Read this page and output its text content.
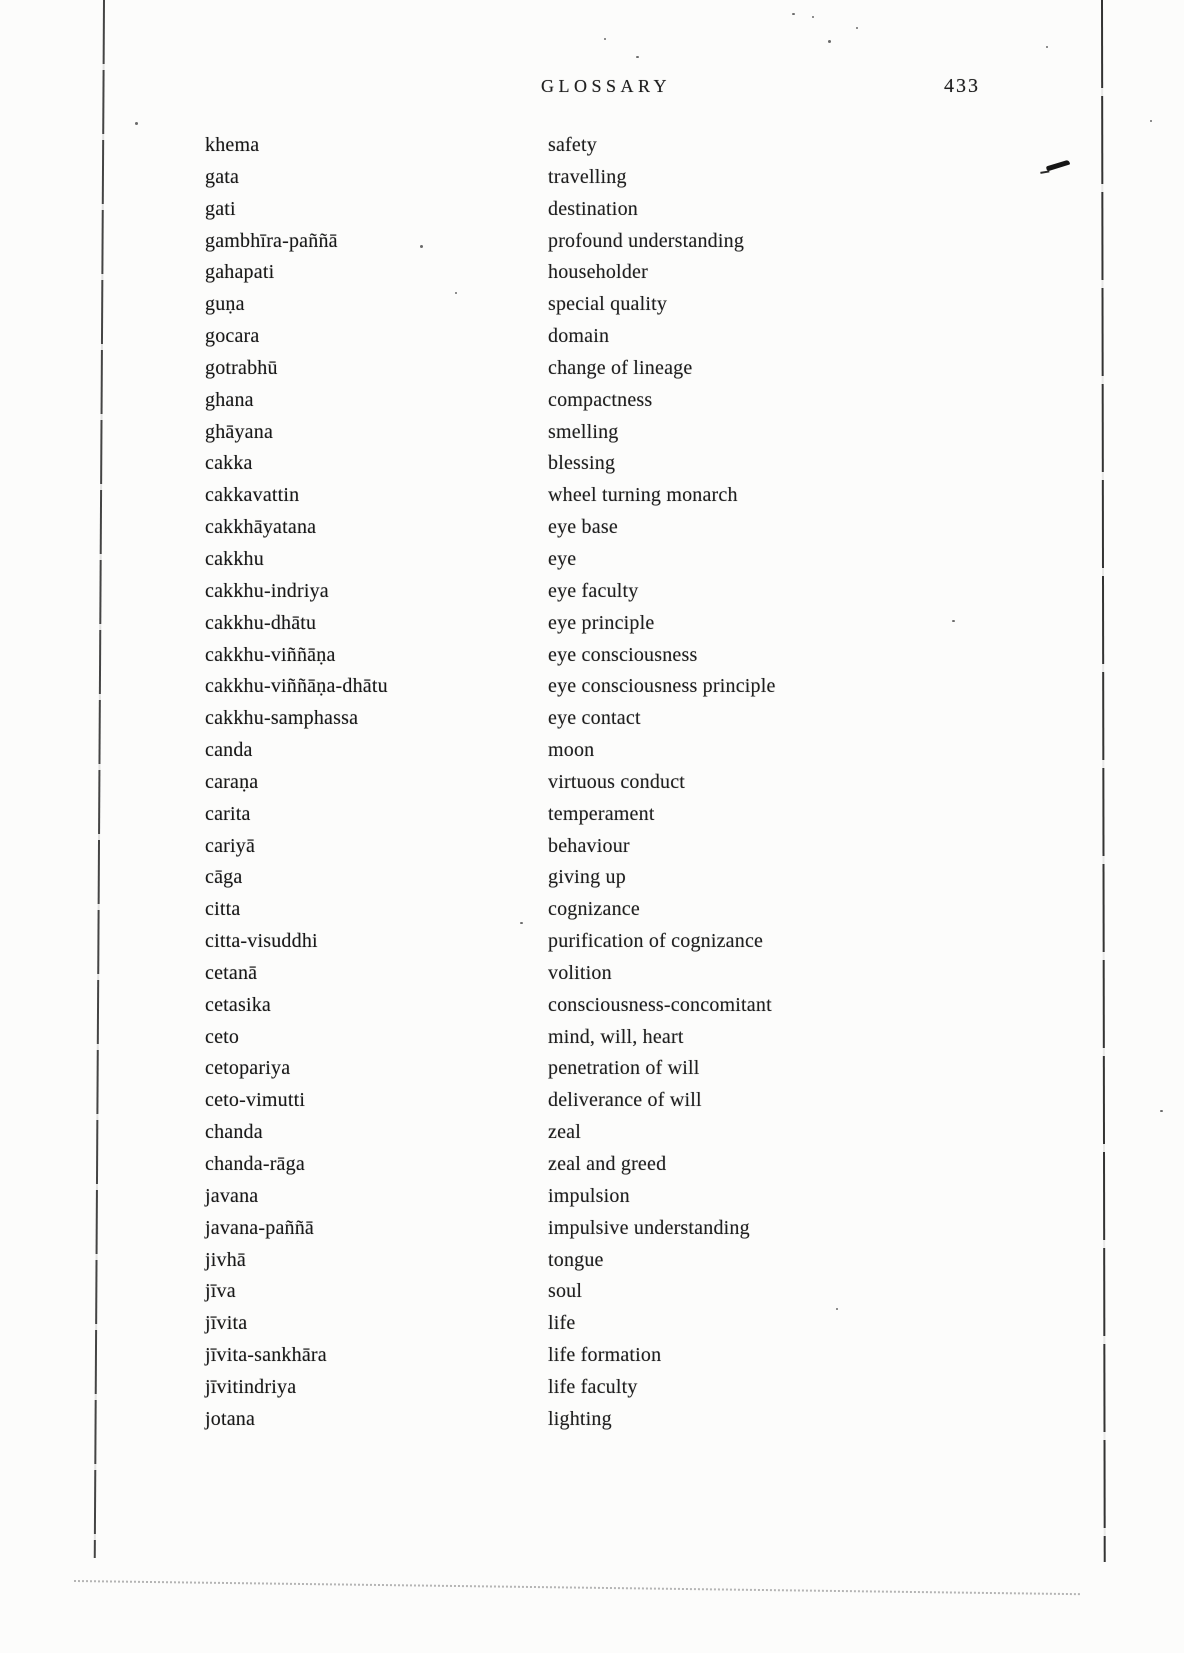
GLOSSARY	433
khema	safety
gata	travelling
gati	destination
gambhīra-paññā	profound understanding
gahapati	householder
guṇa	special quality
gocara	domain
gotrabhū	change of lineage
ghana	compactness
ghāyana	smelling
cakka	blessing
cakkavattin	wheel turning monarch
cakkhāyatana	eye base
cakkhu	eye
cakkhu-indriya	eye faculty
cakkhu-dhātu	eye principle
cakkhu-viññāṇa	eye consciousness
cakkhu-viññāṇa-dhātu	eye consciousness principle
cakkhu-samphassa	eye contact
canda	moon
caraṇa	virtuous conduct
carita	temperament
cariyā	behaviour
cāga	giving up
citta	cognizance
citta-visuddhi	purification of cognizance
cetanā	volition
cetasika	consciousness-concomitant
ceto	mind, will, heart
cetopariya	penetration of will
ceto-vimutti	deliverance of will
chanda	zeal
chanda-rāga	zeal and greed
javana	impulsion
javana-paññā	impulsive understanding
jivhā	tongue
jīva	soul
jīvita	life
jīvita-sankhāra	life formation
jīvitindriya	life faculty
jotana	lighting
